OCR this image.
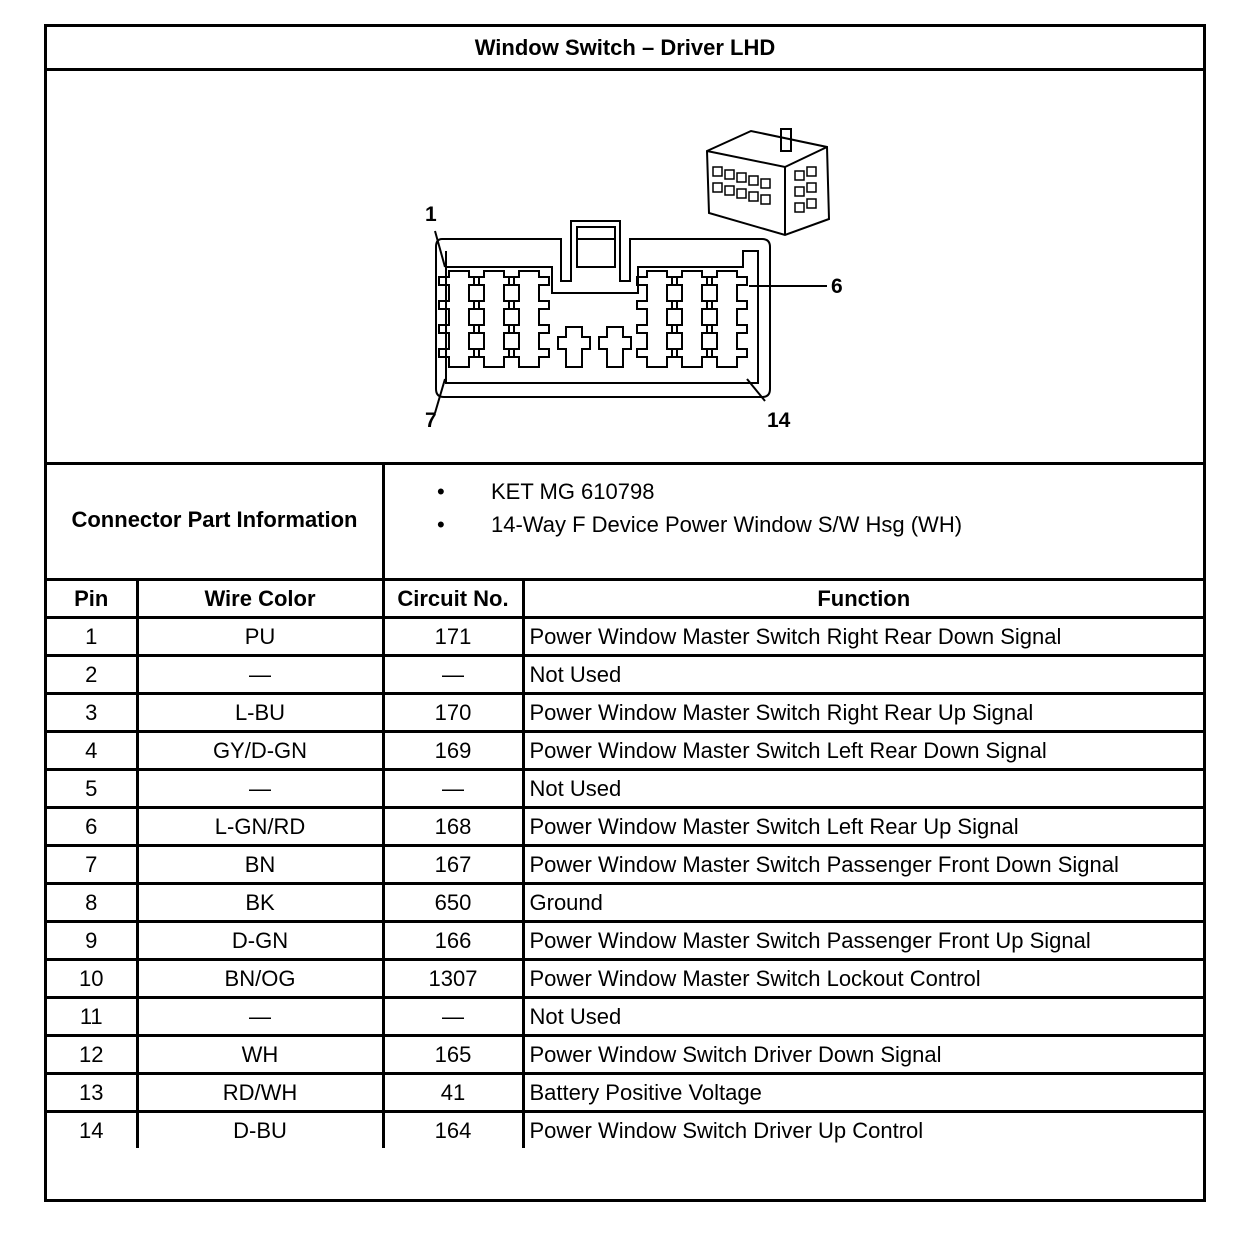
Window Switch – Driver LHD
1
6
7	14
Connector Part Information
• KET MG 610798
• 14-Way F Device Power Window S/W Hsg (WH)
Pin	Wire Color	Circuit No.	Function
1	PU	171	Power Window Master Switch Right Rear Down Signal
2	—	—	Not Used
3	L-BU	170	Power Window Master Switch Right Rear Up Signal
4	GY/D-GN	169	Power Window Master Switch Left Rear Down Signal
5	—	—	Not Used
6	L-GN/RD	168	Power Window Master Switch Left Rear Up Signal
7	BN	167	Power Window Master Switch Passenger Front Down Signal
8	BK	650	Ground
9	D-GN	166	Power Window Master Switch Passenger Front Up Signal
10	BN/OG	1307	Power Window Master Switch Lockout Control
11	—	—	Not Used
12	WH	165	Power Window Switch Driver Down Signal
13	RD/WH	41	Battery Positive Voltage
14	D-BU	164	Power Window Switch Driver Up Control
